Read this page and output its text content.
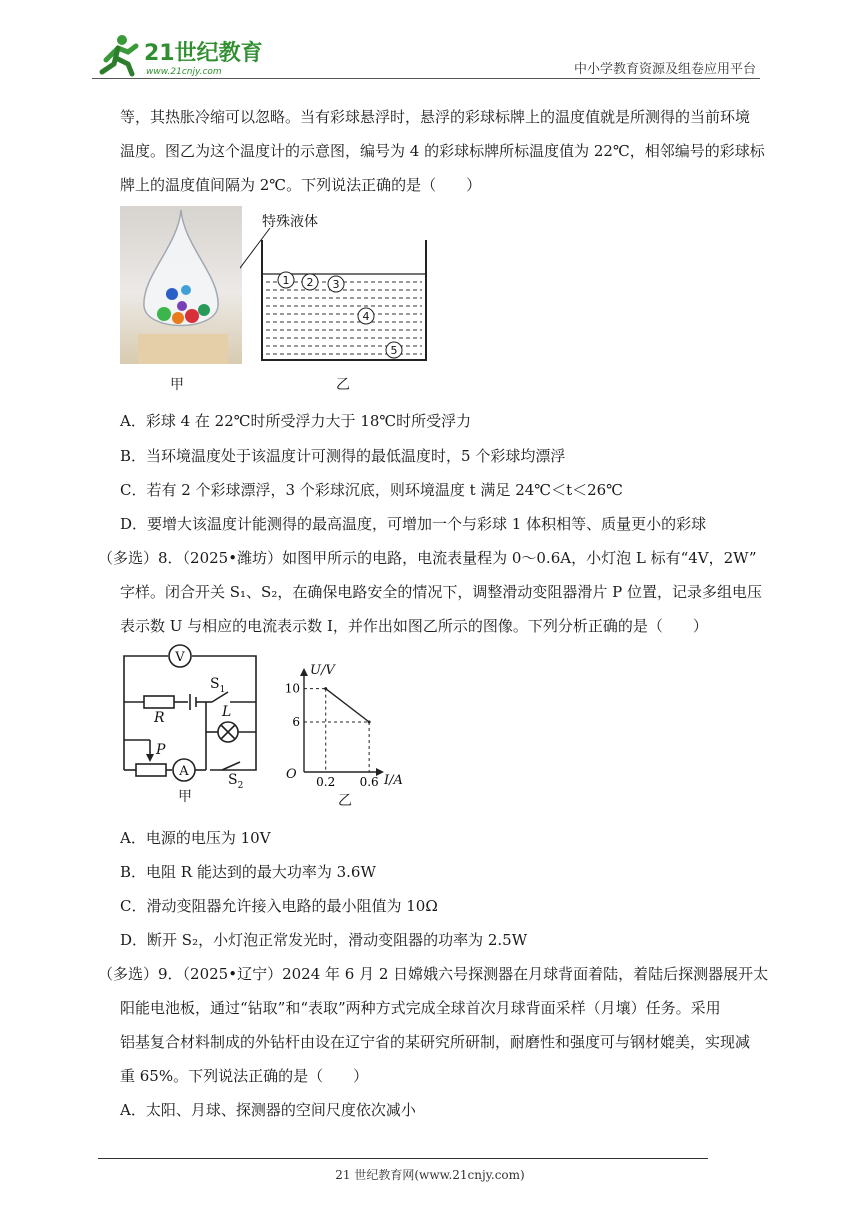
21世纪教育
www.21cnjy.com	中小学教育资源及组卷应用平台
等，其热胀冷缩可以忽略。当有彩球悬浮时，悬浮的彩球标牌上的温度值就是所测得的当前环境
温度。图乙为这个温度计的示意图，编号为 4 的彩球标牌所标温度值为 22℃，相邻编号的彩球标
牌上的温度值间隔为 2℃。下列说法正确的是（　　）
甲
特殊液体
1 2 3
4
5
乙
A．彩球 4 在 22℃时所受浮力大于 18℃时所受浮力
B．当环境温度处于该温度计可测得的最低温度时，5 个彩球均漂浮
C．若有 2 个彩球漂浮，3 个彩球沉底，则环境温度 t 满足 24℃＜t＜26℃
D．要增大该温度计能测得的最高温度，可增加一个与彩球 1 体积相等、质量更小的彩球
（多选）8．（2025•潍坊）如图甲所示的电路，电流表量程为 0～0.6A，小灯泡 L 标有“4V，2W”
字样。闭合开关 S₁、S₂，在确保电路安全的情况下，调整滑动变阻器滑片 P 位置，记录多组电压
表示数 U 与相应的电流表示数 I，并作出如图乙所示的图像。下列分析正确的是（　　）
V
R
$S_1$
L
P
A
$S_2$
甲
10
6
0.2 0.6
U/V
I/A
O
乙
A．电源的电压为 10V
B．电阻 R 能达到的最大功率为 3.6W
C．滑动变阻器允许接入电路的最小阻值为 10Ω
D．断开 S₂，小灯泡正常发光时，滑动变阻器的功率为 2.5W
（多选）9．（2025•辽宁）2024 年 6 月 2 日嫦娥六号探测器在月球背面着陆，着陆后探测器展开太
阳能电池板，通过“钻取”和“表取”两种方式完成全球首次月球背面采样（月壤）任务。采用
铝基复合材料制成的外钻杆由设在辽宁省的某研究所研制，耐磨性和强度可与钢材媲美，实现减
重 65%。下列说法正确的是（　　）
A．太阳、月球、探测器的空间尺度依次减小
21 世纪教育网(www.21cnjy.com)
